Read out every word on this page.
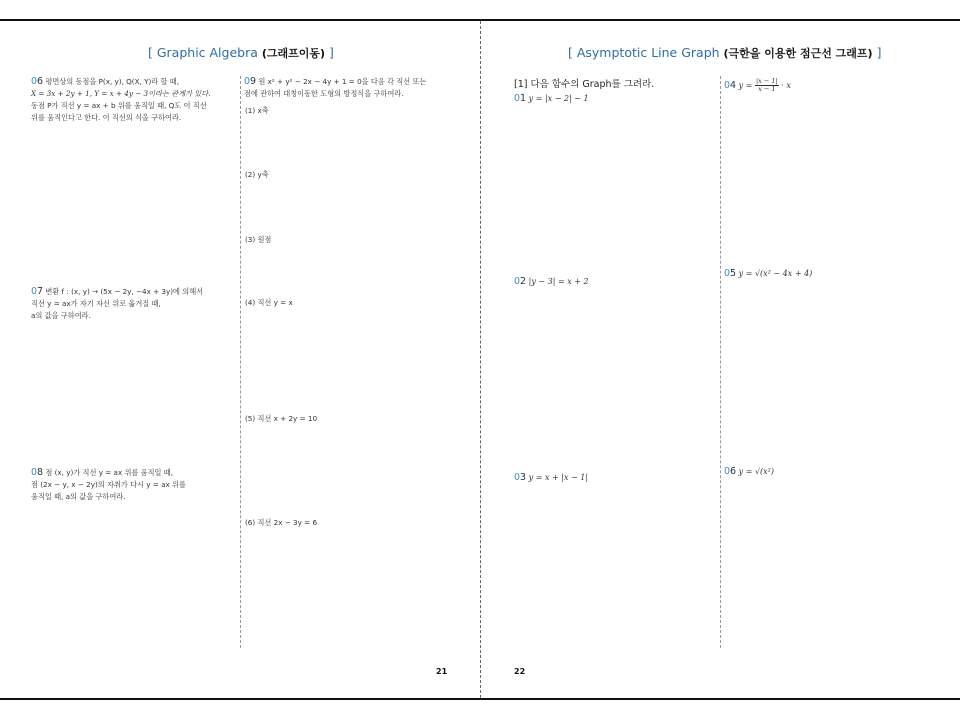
[ Graphic Algebra (그래프이동) ]
06 평면상의 동점을 P(x, y), Q(X, Y)라 할 때,
X = 3x + 2y + 1, Y = x + 4y − 3이라는 관계가 있다.
동점 P가 직선 y = ax + b 위를 움직일 때, Q도 이 직선
위를 움직인다고 한다. 이 직선의 식을 구하여라.
07 변환 f : (x, y) → (5x − 2y, −4x + 3y)에 의해서
직선 y = ax가 자기 자신 위로 옮겨질 때,
a의 값을 구하여라.
08 점 (x, y)가 직선 y = ax 위를 움직일 때,
점 (2x − y, x − 2y)의 자취가 다시 y = ax 위를
움직일 때, a의 값을 구하여라.
09 원 x² + y² − 2x − 4y + 1 = 0을 다음 각 직선 또는
점에 관하여 대칭이동한 도형의 방정식을 구하여라.
(1) x축
(2) y축
(3) 원점
(4) 직선 y = x
(5) 직선 x + 2y = 10
(6) 직선 2x − 3y = 6
21
[ Asymptotic Line Graph (극한을 이용한 점근선 그래프) ]
[1] 다음 함수의 Graph를 그려라.
01 y = |x − 2| − 1
02 |y − 3| = x + 2
03 y = x + |x − 1|
04 $y = \frac{|x - 1|}{x - 1} \cdot x$
05 y = √(x² − 4x + 4)
06 y = √(x²)
22
